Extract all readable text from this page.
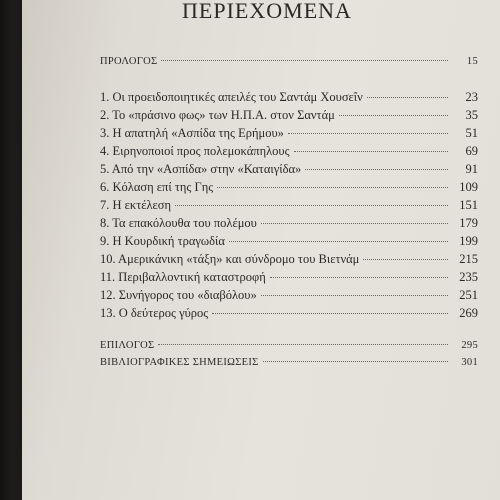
ΠΕΡΙΕΧΟΜΕΝΑ
ΠΡΟΛΟΓΟΣ	15
1. Οι προειδοποιητικές απειλές του Σαντάμ Χουσεΐν	23
2. Το «πράσινο φως» των Η.Π.Α. στον Σαντάμ	35
3. Η απατηλή «Ασπίδα της Ερήμου»	51
4. Ειρηνοποιοί προς πολεμοκάπηλους	69
5. Από την «Ασπίδα» στην «Καταιγίδα»	91
6. Κόλαση επί της Γης	109
7. Η εκτέλεση	151
8. Τα επακόλουθα του πολέμου	179
9. Η Κουρδική τραγωδία	199
10. Αμερικάνικη «τάξη» και σύνδρομο του Βιετνάμ	215
11. Περιβαλλοντική καταστροφή	235
12. Συνήγορος του «διαβόλου»	251
13. Ο δεύτερος γύρος	269
ΕΠΙΛΟΓΟΣ	295
ΒΙΒΛΙΟΓΡΑΦΙΚΕΣ ΣΗΜΕΙΩΣΕΙΣ	301
